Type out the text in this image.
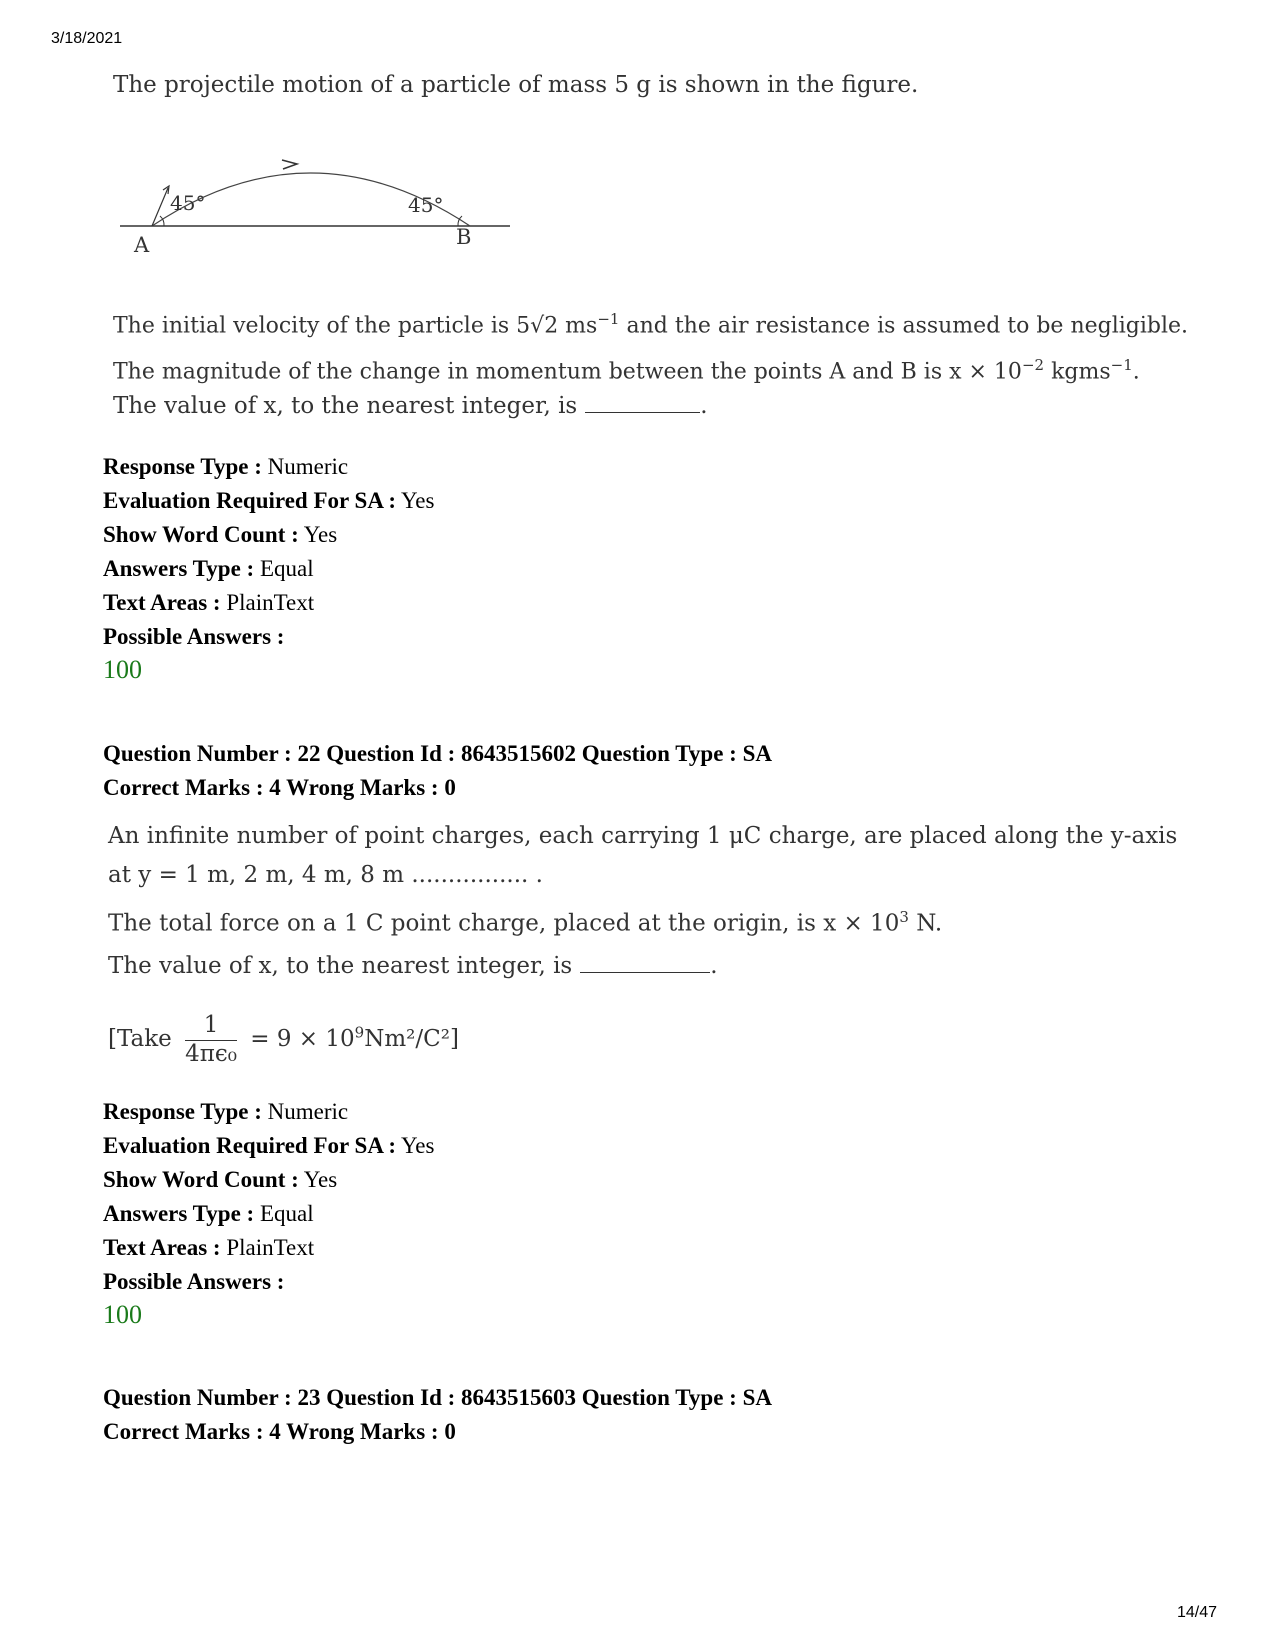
3/18/2021
The projectile motion of a particle of mass 5 g is shown in the figure.
45°	45°
A	B
The initial velocity of the particle is 5√2 $ms^{-1}$ and the air resistance is assumed to be negligible.
The magnitude of the change in momentum between the points A and B is $x \times 10^{-2}$ kgms$^{-1}$.
The value of x, to the nearest integer, is	.
Response Type : Numeric
Evaluation Required For SA : Yes
Show Word Count : Yes
Answers Type : Equal
Text Areas : PlainText
Possible Answers :
100
Question Number : 22 Question Id : 8643515602 Question Type : SA
Correct Marks : 4 Wrong Marks : 0
An infinite number of point charges, each carrying 1 μC charge, are placed along the y-axis
at y = 1 m, 2 m, 4 m, 8 m ................ .
The total force on a 1 C point charge, placed at the origin, is $x \times 10^3$ N.
The value of x, to the nearest integer, is	.
[Take $\frac{1}{\text{4πϵ₀}} = 9 \times 10^9Nm^2/C^2$]
Response Type : Numeric
Evaluation Required For SA : Yes
Show Word Count : Yes
Answers Type : Equal
Text Areas : PlainText
Possible Answers :
100
Question Number : 23 Question Id : 8643515603 Question Type : SA
Correct Marks : 4 Wrong Marks : 0
14/47
